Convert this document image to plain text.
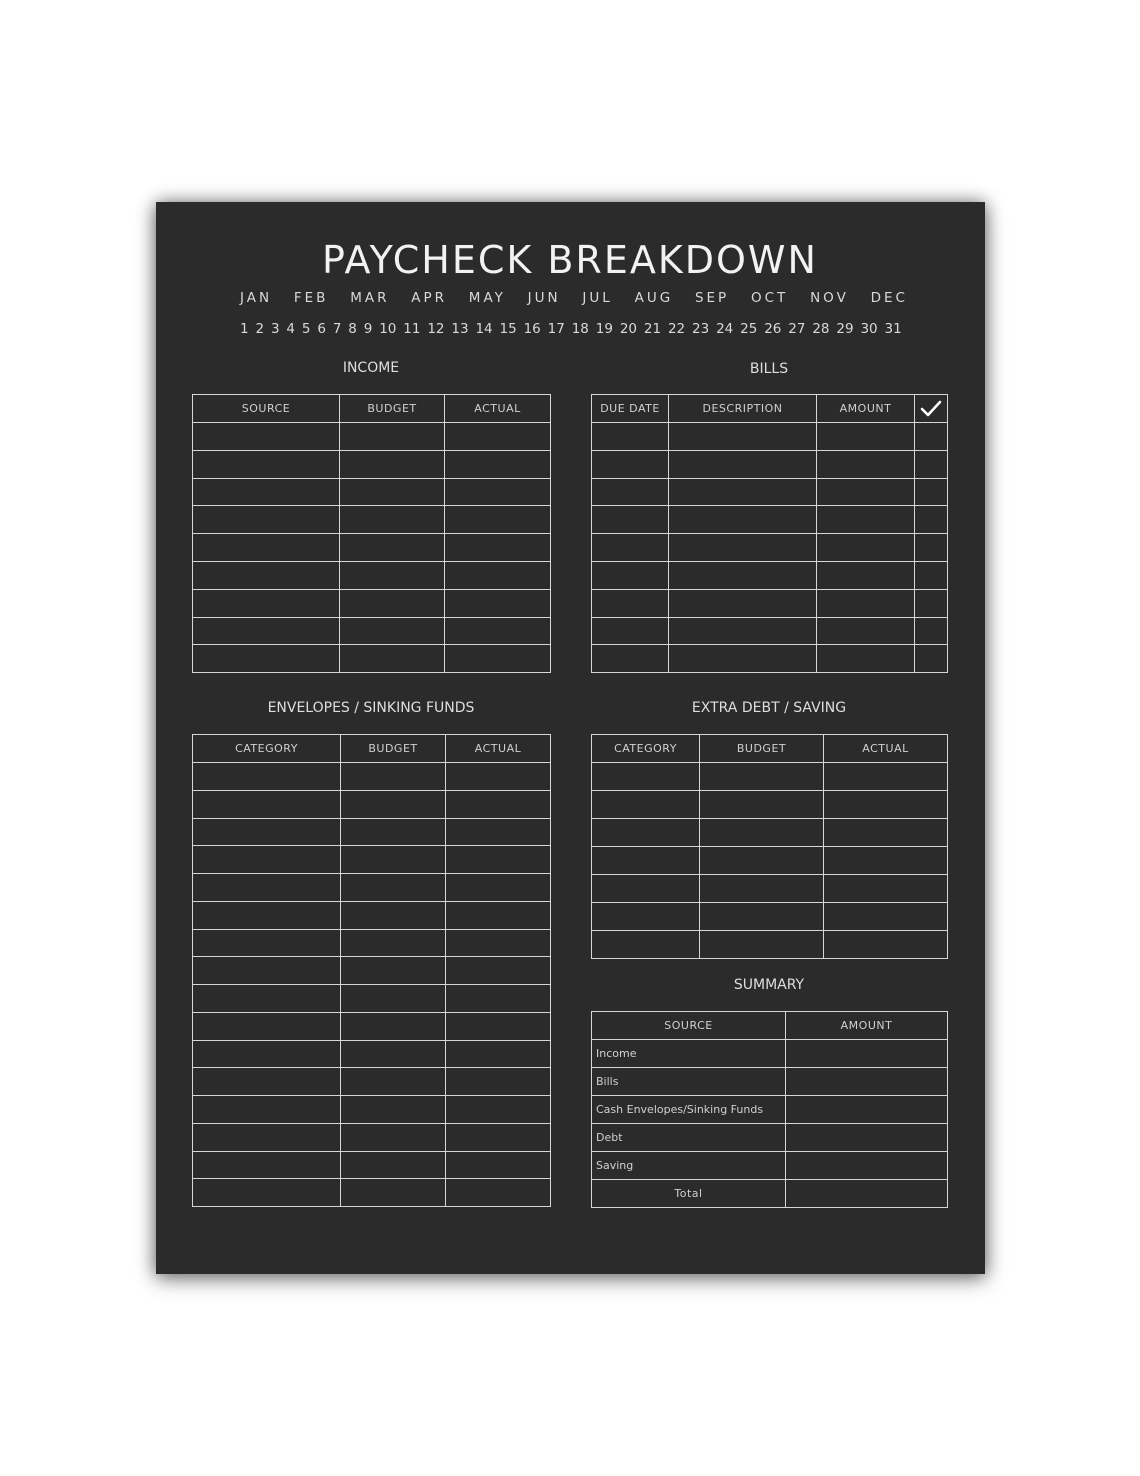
PAYCHECK BREAKDOWN
JAN FEB MAR APR MAY JUN JUL AUG SEP OCT NOV DEC
1 2 3 4 5 6 7 8 9 10 11 12 13 14 15 16 17 18 19 20 21 22 23 24 25 26 27 28 29 30 31
INCOME
SOURCE	BUDGET	ACTUAL

BILLS
DUE DATE	DESCRIPTION	AMOUNT	

ENVELOPES / SINKING FUNDS
CATEGORY	BUDGET	ACTUAL

EXTRA DEBT / SAVING
CATEGORY	BUDGET	ACTUAL

SUMMARY
SOURCE	AMOUNT
Income	
Bills	
Cash Envelopes/Sinking Funds	
Debt	
Saving	
Total	
